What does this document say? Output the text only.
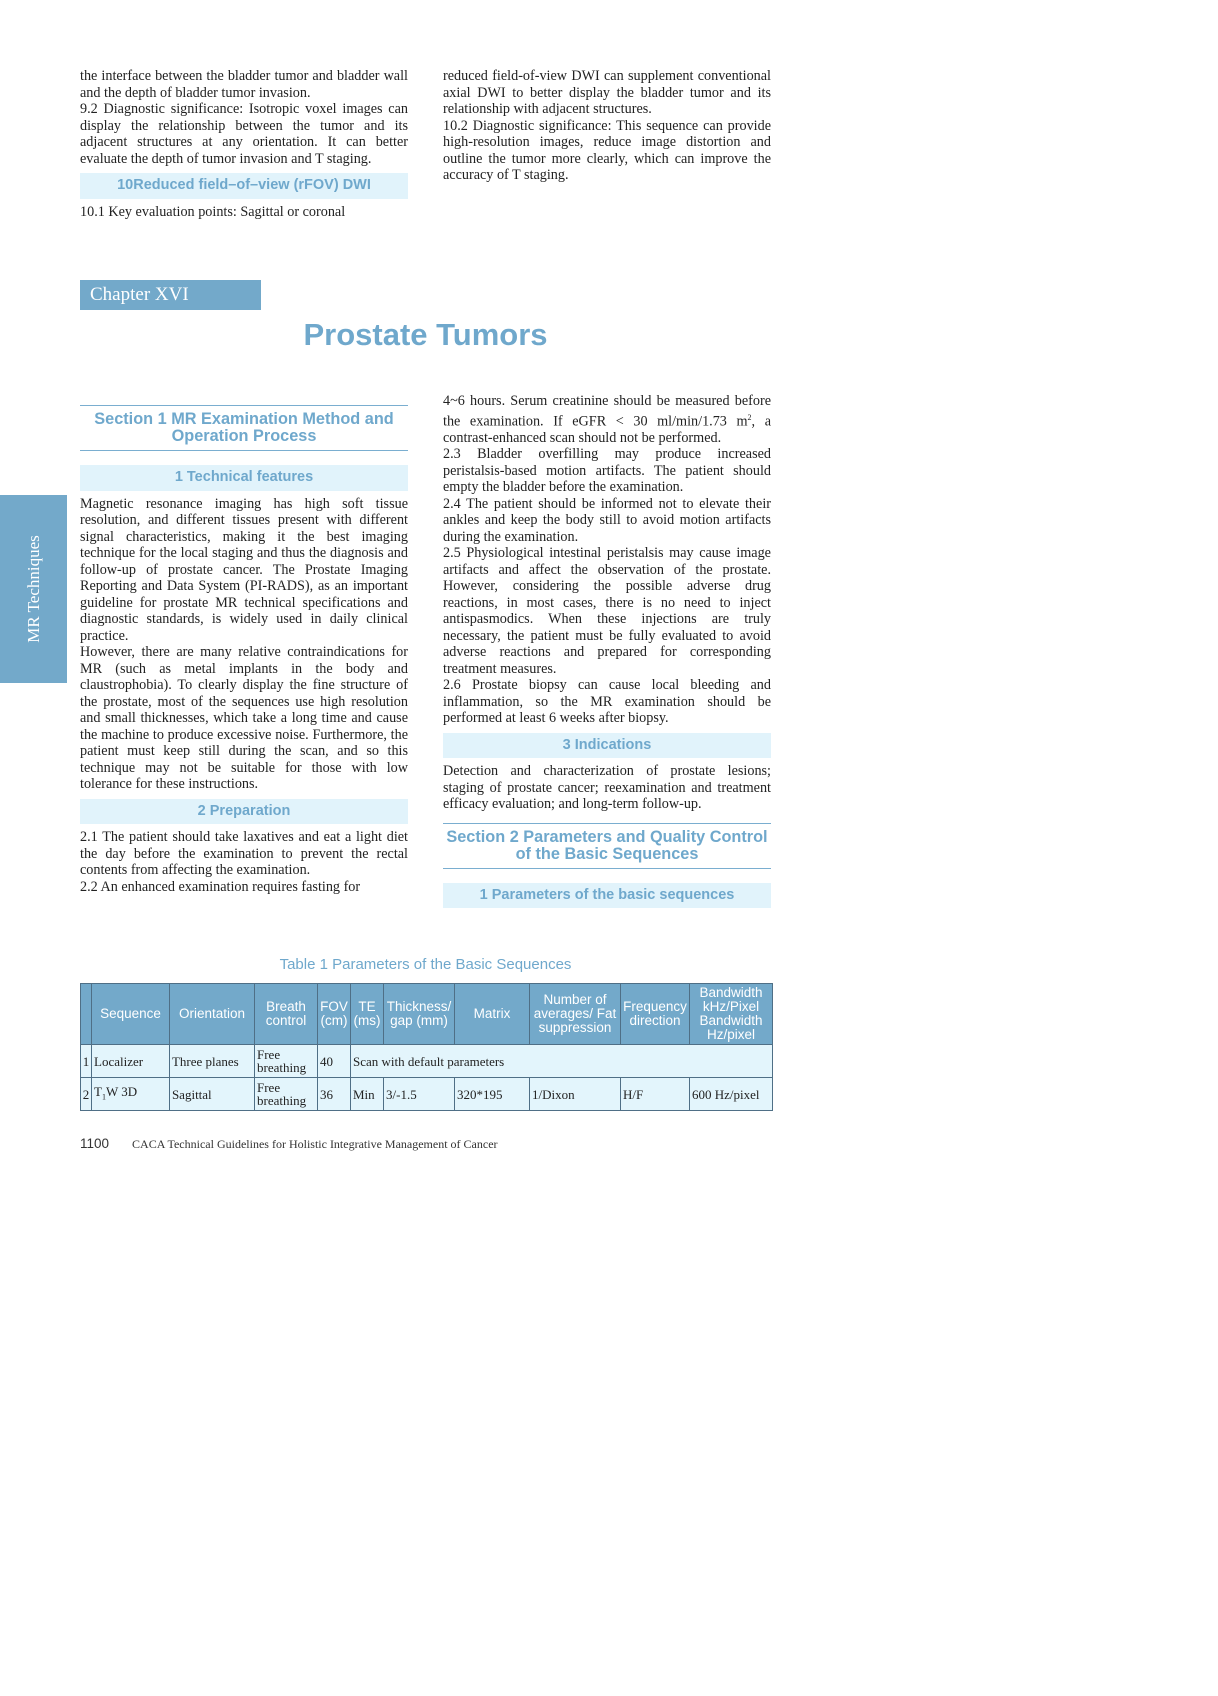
the interface between the bladder tumor and bladder wall and the depth of bladder tumor invasion.

9.2 Diagnostic significance: Isotropic voxel images can display the relationship between the tumor and its adjacent structures at any orientation. It can better evaluate the depth of tumor invasion and T staging.

10Reduced field–of–view (rFOV) DWI

10.1 Key evaluation points: Sagittal or coronal

reduced field-of-view DWI can supplement conventional axial DWI to better display the bladder tumor and its relationship with adjacent structures.

10.2 Diagnostic significance: This sequence can provide high-resolution images, reduce image distortion and outline the tumor more clearly, which can improve the accuracy of T staging.

Chapter XVI
Prostate Tumors
MR Techniques
Section 1 MR Examination Method and Operation Process
1 Technical features

Magnetic resonance imaging has high soft tissue resolution, and different tissues present with different signal characteristics, making it the best imaging technique for the local staging and thus the diagnosis and follow-up of prostate cancer. The Prostate Imaging Reporting and Data System (PI-RADS), as an important guideline for prostate MR technical specifications and diagnostic standards, is widely used in daily clinical practice.

However, there are many relative contraindications for MR (such as metal implants in the body and claustrophobia). To clearly display the fine structure of the prostate, most of the sequences use high resolution and small thicknesses, which take a long time and cause the machine to produce excessive noise. Furthermore, the patient must keep still during the scan, and so this technique may not be suitable for those with low tolerance for these instructions.

2 Preparation

2.1 The patient should take laxatives and eat a light diet the day before the examination to prevent the rectal contents from affecting the examination.

2.2 An enhanced examination requires fasting for

4~6 hours. Serum creatinine should be measured before the examination. If eGFR < 30 ml/min/1.73 $m^2$, a contrast-enhanced scan should not be performed.

2.3 Bladder overfilling may produce increased peristalsis-based motion artifacts. The patient should empty the bladder before the examination.

2.4 The patient should be informed not to elevate their ankles and keep the body still to avoid motion artifacts during the examination.

2.5 Physiological intestinal peristalsis may cause image artifacts and affect the observation of the prostate. However, considering the possible adverse drug reactions, in most cases, there is no need to inject antispasmodics. When these injections are truly necessary, the patient must be fully evaluated to avoid adverse reactions and prepared for corresponding treatment measures.

2.6 Prostate biopsy can cause local bleeding and inflammation, so the MR examination should be performed at least 6 weeks after biopsy.

3 Indications

Detection and characterization of prostate lesions; staging of prostate cancer; reexamination and treatment efficacy evaluation; and long-term follow-up.

Section 2 Parameters and Quality Control of the Basic Sequences
1 Parameters of the basic sequences
Table 1 Parameters of the Basic Sequences
	Sequence	Orientation	Breath control	FOV (cm)	TE (ms)	Thickness/ gap (mm)	Matrix	Number of averages/ Fat suppression	Frequency direction	Bandwidth kHz/Pixel Bandwidth Hz/pixel
1	Localizer	Three planes	Free breathing	40	Scan with default parameters					
2	$T_1W$ 3D	Sagittal	Free breathing	36	Min	3/-1.5	320*195	1/Dixon	H/F	600 Hz/pixel
1100 CACA Technical Guidelines for Holistic Integrative Management of Cancer
